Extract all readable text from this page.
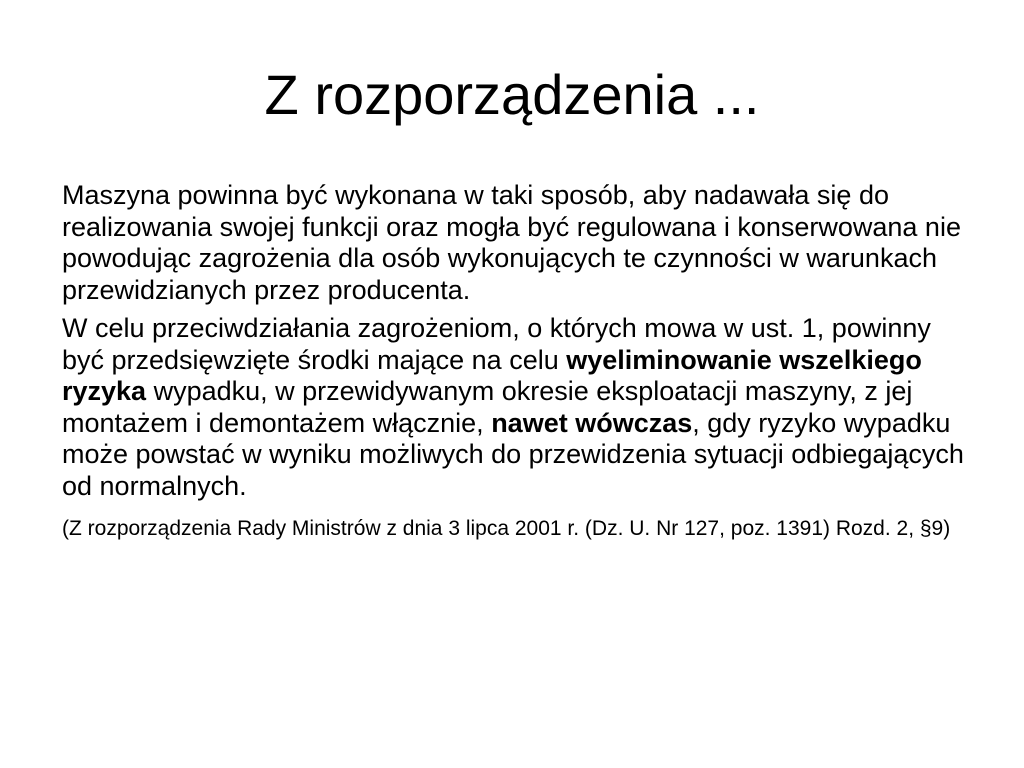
Z rozporządzenia ...

Maszyna powinna być wykonana w taki sposób, aby nadawała się do realizowania swojej funkcji oraz mogła być regulowana i konserwowana nie powodując zagrożenia dla osób wykonujących te czynności w warunkach przewidzianych przez producenta.

W celu przeciwdziałania zagrożeniom, o których mowa w ust. 1, powinny być przedsięwzięte środki mające na celu wyeliminowanie wszelkiego ryzyka wypadku, w przewidywanym okresie eksploatacji maszyny, z jej montażem i demontażem włącznie, nawet wówczas, gdy ryzyko wypadku może powstać w wyniku możliwych do przewidzenia sytuacji odbiegających od normalnych.

(Z rozporządzenia Rady Ministrów z dnia 3 lipca 2001 r. (Dz. U. Nr 127, poz. 1391) Rozd. 2, §9)
